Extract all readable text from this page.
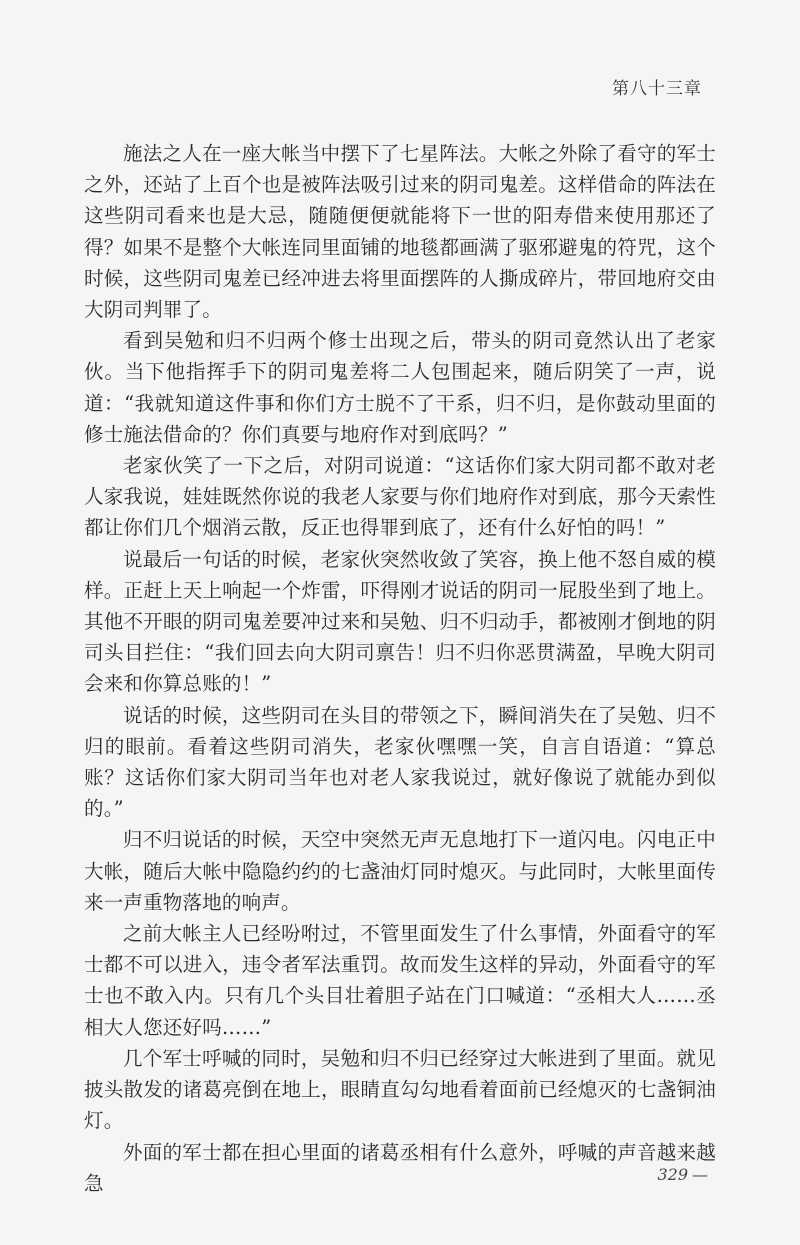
第八十三章

施法之人在一座大帐当中摆下了七星阵法。大帐之外除了看守的军士之外，还站了上百个也是被阵法吸引过来的阴司鬼差。这样借命的阵法在这些阴司看来也是大忌，随随便便就能将下一世的阳寿借来使用那还了得？如果不是整个大帐连同里面铺的地毯都画满了驱邪避鬼的符咒，这个时候，这些阴司鬼差已经冲进去将里面摆阵的人撕成碎片，带回地府交由大阴司判罪了。

看到吴勉和归不归两个修士出现之后，带头的阴司竟然认出了老家伙。当下他指挥手下的阴司鬼差将二人包围起来，随后阴笑了一声，说道：“我就知道这件事和你们方士脱不了干系，归不归，是你鼓动里面的修士施法借命的？你们真要与地府作对到底吗？”

老家伙笑了一下之后，对阴司说道：“这话你们家大阴司都不敢对老人家我说，娃娃既然你说的我老人家要与你们地府作对到底，那今天索性都让你们几个烟消云散，反正也得罪到底了，还有什么好怕的吗！”

说最后一句话的时候，老家伙突然收敛了笑容，换上他不怒自威的模样。正赶上天上响起一个炸雷，吓得刚才说话的阴司一屁股坐到了地上。其他不开眼的阴司鬼差要冲过来和吴勉、归不归动手，都被刚才倒地的阴司头目拦住：“我们回去向大阴司禀告！归不归你恶贯满盈，早晚大阴司会来和你算总账的！”

说话的时候，这些阴司在头目的带领之下，瞬间消失在了吴勉、归不归的眼前。看着这些阴司消失，老家伙嘿嘿一笑，自言自语道：“算总账？这话你们家大阴司当年也对老人家我说过，就好像说了就能办到似的。”

归不归说话的时候，天空中突然无声无息地打下一道闪电。闪电正中大帐，随后大帐中隐隐约约的七盏油灯同时熄灭。与此同时，大帐里面传来一声重物落地的响声。

之前大帐主人已经吩咐过，不管里面发生了什么事情，外面看守的军士都不可以进入，违令者军法重罚。故而发生这样的异动，外面看守的军士也不敢入内。只有几个头目壮着胆子站在门口喊道：“丞相大人……丞相大人您还好吗……”

几个军士呼喊的同时，吴勉和归不归已经穿过大帐进到了里面。就见披头散发的诸葛亮倒在地上，眼睛直勾勾地看着面前已经熄灭的七盏铜油灯。

外面的军士都在担心里面的诸葛丞相有什么意外，呼喊的声音越来越急	329 —
